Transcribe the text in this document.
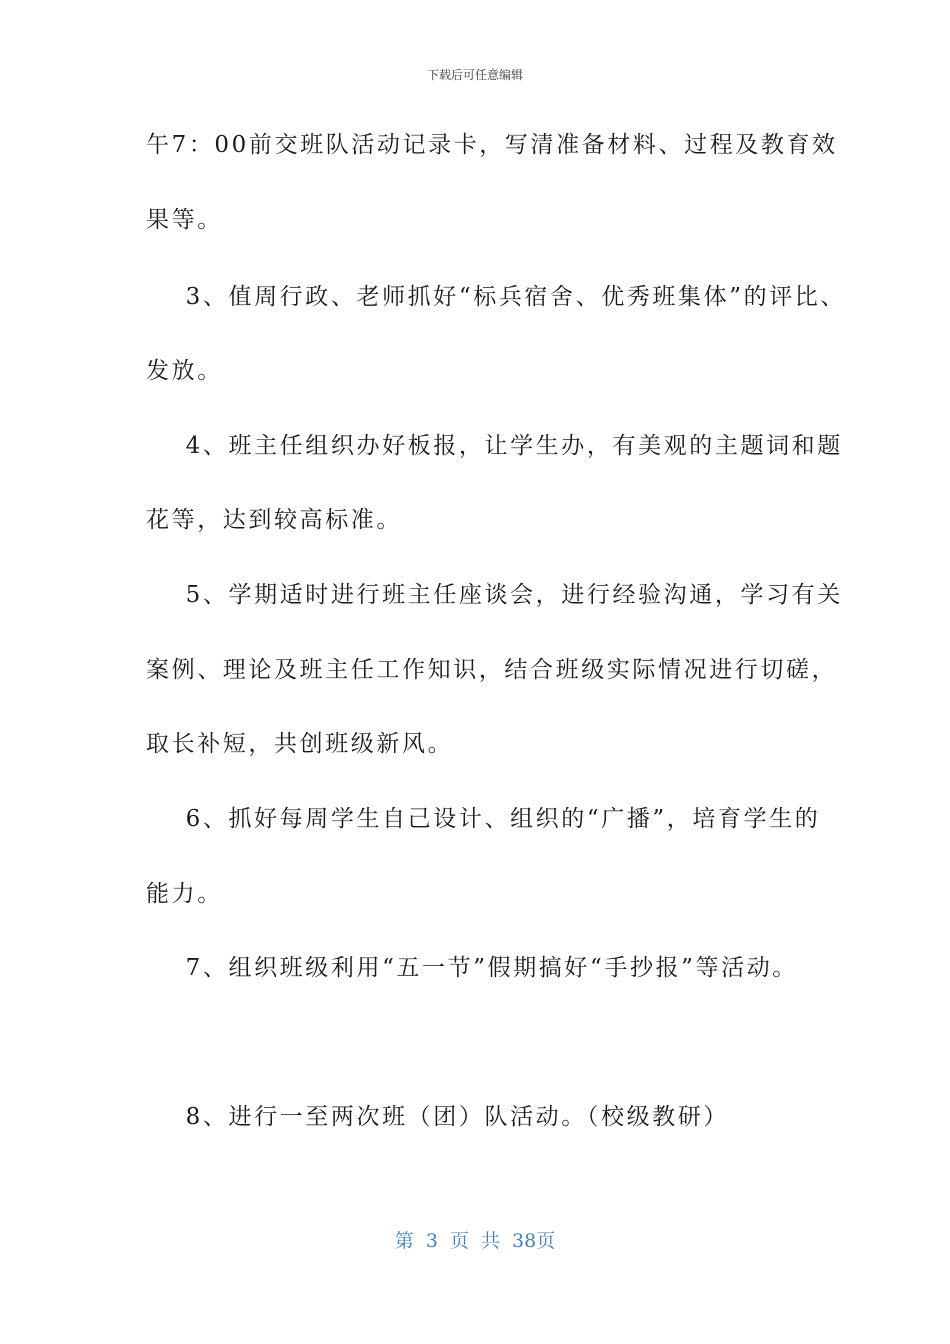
下载后可任意编辑
午7：00前交班队活动记录卡，写清准备材料、过程及教育效
果等。
3、值周行政、老师抓好“标兵宿舍、优秀班集体”的评比、
发放。
4、班主任组织办好板报，让学生办，有美观的主题词和题
花等，达到较高标准。
5、学期适时进行班主任座谈会，进行经验沟通，学习有关
案例、理论及班主任工作知识，结合班级实际情况进行切磋，
取长补短，共创班级新风。
6、抓好每周学生自己设计、组织的“广播”，培育学生的
能力。
7、组织班级利用“五一节”假期搞好“手抄报”等活动。
8、进行一至两次班（团）队活动。（校级教研）
第 3 页 共 38页
